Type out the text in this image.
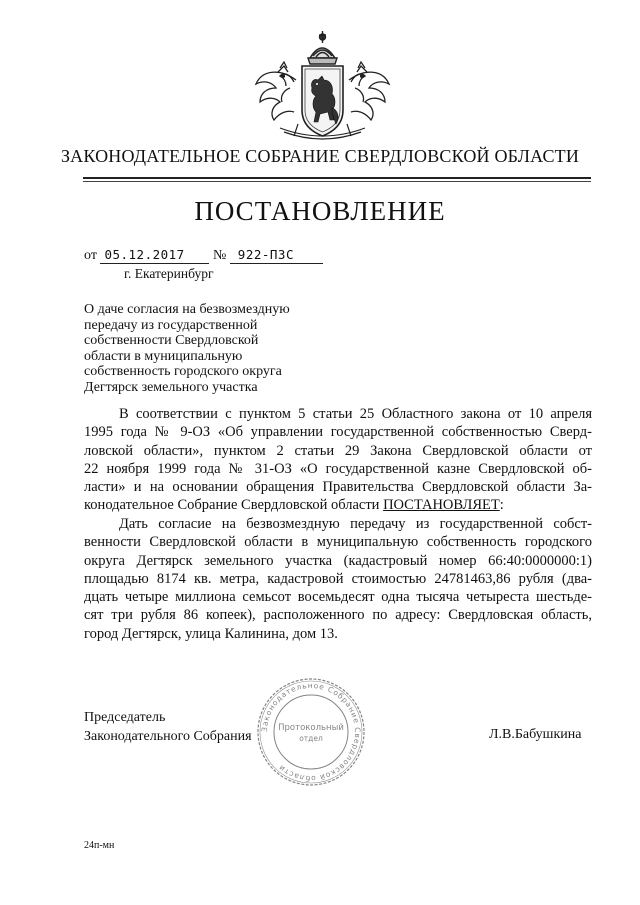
ЗАКОНОДАТЕЛЬНОЕ СОБРАНИЕ СВЕРДЛОВСКОЙ ОБЛАСТИ
ПОСТАНОВЛЕНИЕ
от 05.12.2017 № 922-ПЗС
г. Екатеринбург
О даче согласия на безвозмездную
передачу из государственной
собственности Свердловской
области в муниципальную
собственность городского округа
Дегтярск земельного участка
В соответствии с пунктом 5 статьи 25 Областного закона от 10 апреля
1995 года № 9-ОЗ «Об управлении государственной собственностью Сверд-
ловской области», пунктом 2 статьи 29 Закона Свердловской области от
22 ноября 1999 года № 31-ОЗ «О государственной казне Свердловской об-
ласти» и на основании обращения Правительства Свердловской области За-
конодательное Собрание Свердловской области ПОСТАНОВЛЯЕТ:
Дать согласие на безвозмездную передачу из государственной собст-
венности Свердловской области в муниципальную собственность городского
округа Дегтярск земельного участка (кадастровый номер 66:40:0000000:1)
площадью 8174 кв. метра, кадастровой стоимостью 24781463,86 рубля (два-
дцать четыре миллиона семьсот восемьдесят одна тысяча четыреста шестьде-
сят три рубля 86 копеек), расположенного по адресу: Свердловская область,
город Дегтярск, улица Калинина, дом 13.
Законодательное Собрание Свердловской области
Протокольный
отдел
Председатель
Законодательного Собрания	Л.В.Бабушкина
24п-мн
